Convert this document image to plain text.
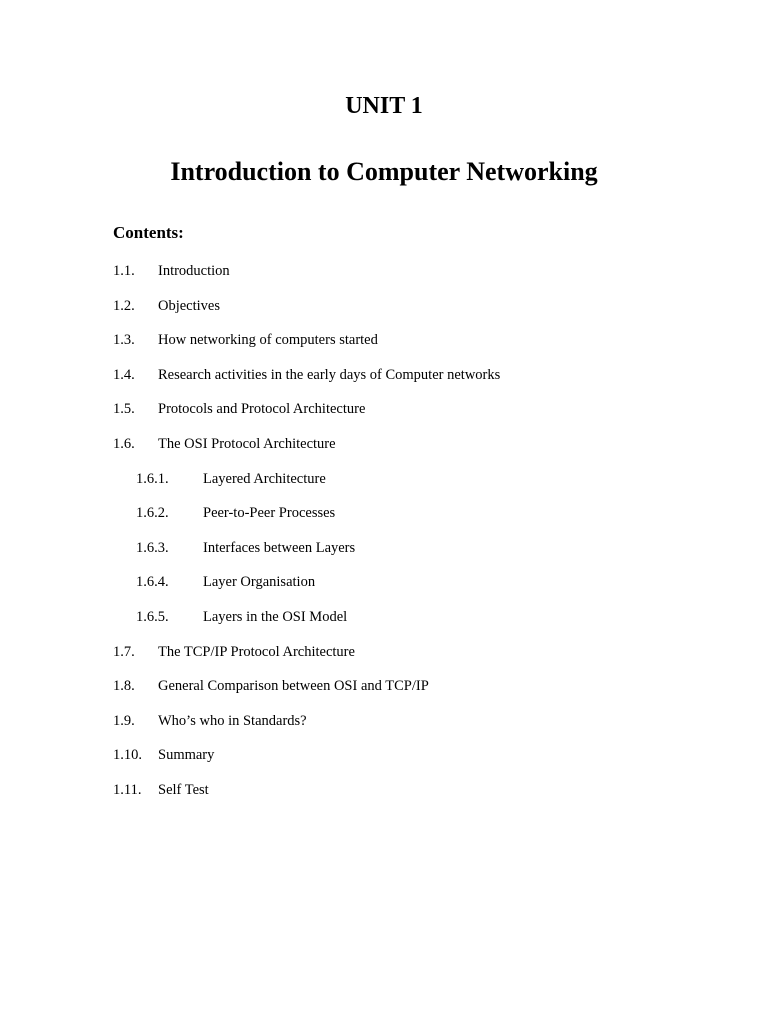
UNIT 1
Introduction to Computer Networking
Contents:
1.1. Introduction
1.2. Objectives
1.3. How networking of computers started
1.4. Research activities in the early days of Computer networks
1.5. Protocols and Protocol Architecture
1.6. The OSI Protocol Architecture
1.6.1. Layered Architecture
1.6.2. Peer-to-Peer Processes
1.6.3. Interfaces between Layers
1.6.4. Layer Organisation
1.6.5. Layers in the OSI Model
1.7. The TCP/IP Protocol Architecture
1.8. General Comparison between OSI and TCP/IP
1.9. Who’s who in Standards?
1.10. Summary
1.11. Self Test
